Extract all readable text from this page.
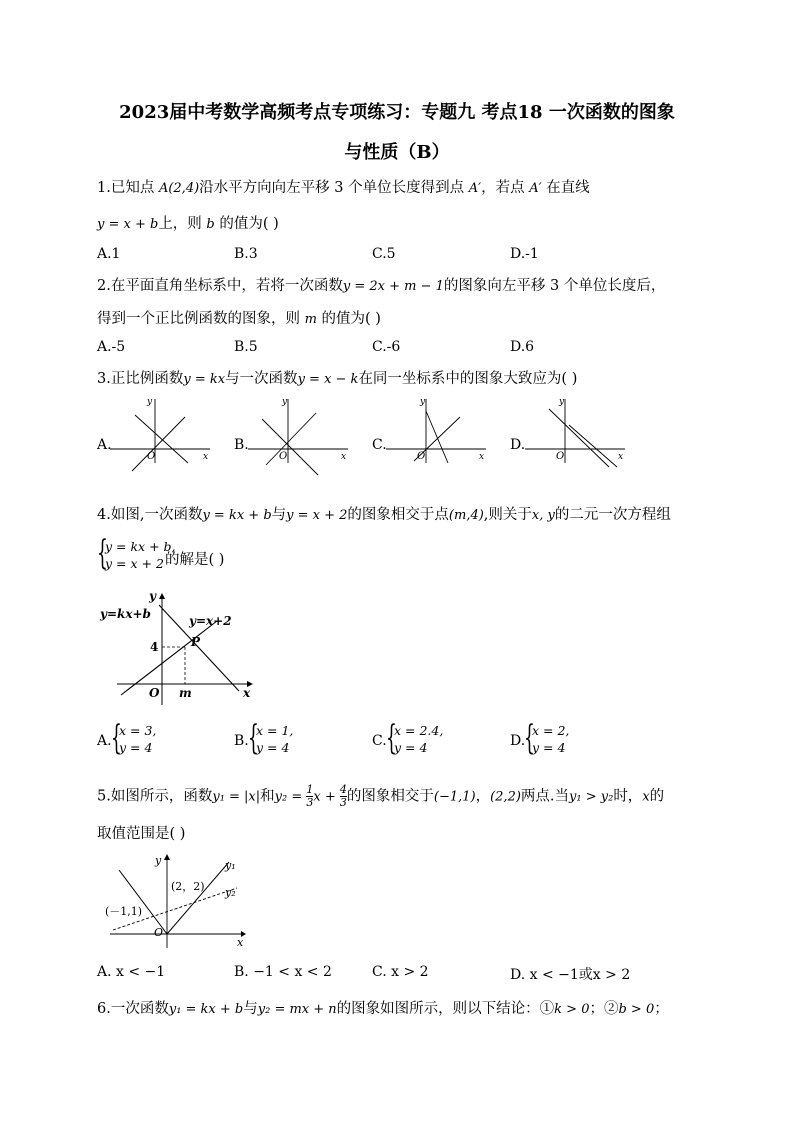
2023届中考数学高频考点专项练习：专题九 考点18 一次函数的图象
与性质（B）
1.已知点 A(2,4)沿水平方向向左平移 3 个单位长度得到点 A′，若点 A′ 在直线
y = x + b上，则 b 的值为( )
A.1	B.3	C.5	D.-1
2.在平面直角坐标系中，若将一次函数y = 2x + m − 1的图象向左平移 3 个单位长度后，
得到一个正比例函数的图象，则 m 的值为( )
A.-5	B.5	C.-6	D.6
3.正比例函数y = kx与一次函数y = x − k在同一坐标系中的图象大致应为( )
A.	B.	C.	D.
O	x
y
O	x
y
O	x
y
O	x
y
4.如图,一次函数y = kx + b与y = x + 2的图象相交于点(m,4),则关于x, y的二元一次方程组
{
y = kx + b,
y = x + 2 的解是( )
y=kx+b	y=x+2
P
4
O m	x
y
A. {
x = 3,
y = 4	B. {
x = 1,
y = 4	C. {
x = 2.4,
y = 4	D.
{
x = 2,
y = 4
5.如图所示，函数y₁ = |x|和$y_2 = \frac{1}{3}$ $x + \frac{4}{3}$ 的图象相交于(−1,1)，(2,2)两点.当y₁ > y₂时，x的
取值范围是( )
y₁
y₂
(2，2)
(－1,1)
O
x
y
A. x < −1	B. −1 < x < 2	C. x > 2	D. x < −1或x > 2
6.一次函数y₁ = kx + b与y₂ = mx + n的图象如图所示，则以下结论：①k > 0；②b > 0；
